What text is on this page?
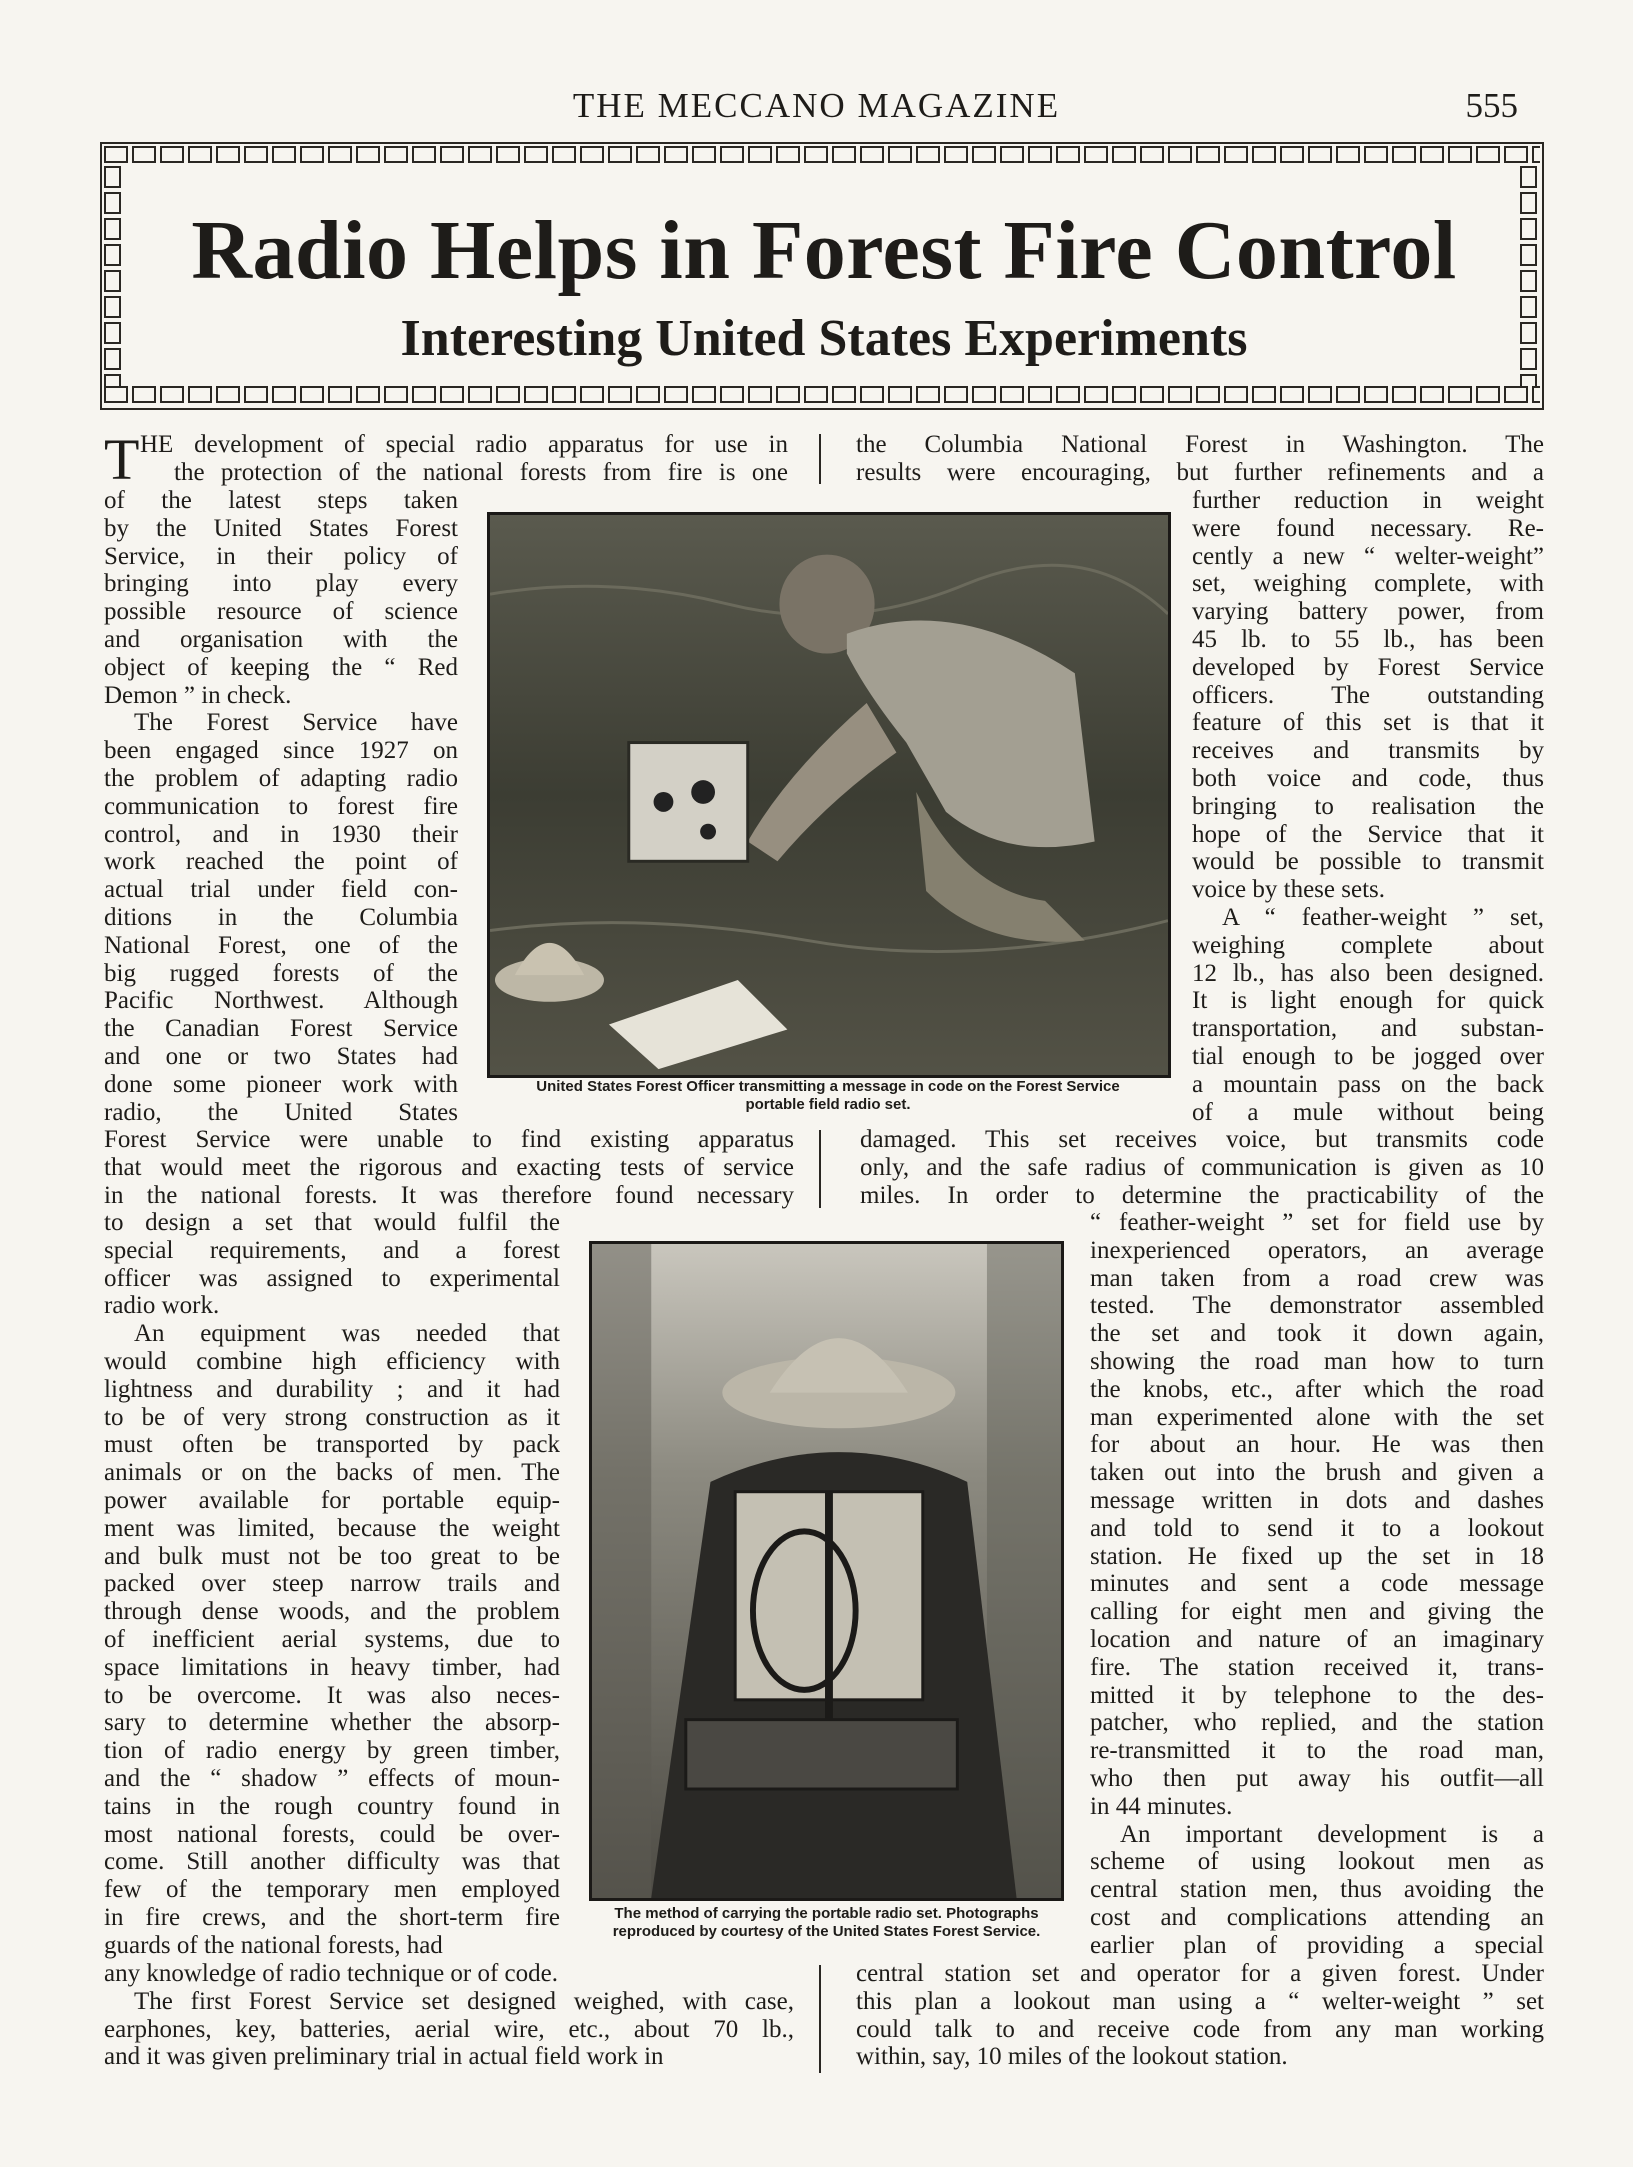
THE MECCANO MAGAZINE	555
Radio Helps in Forest Fire Control
Interesting United States Experiments
T HE development of special radio apparatus for use in

the protection of the national forests from fire is one

of the latest steps taken

by the United States Forest

Service, in their policy of

bringing into play every

possible resource of science

and organisation with the

object of keeping the “ Red

Demon ” in check.

The Forest Service have

been engaged since 1927 on

the problem of adapting radio

communication to forest fire

control, and in 1930 their

work reached the point of

actual trial under field con-

ditions in the Columbia

National Forest, one of the

big rugged forests of the

Pacific Northwest. Although

the Canadian Forest Service

and one or two States had

done some pioneer work with

radio, the United States

Forest Service were unable to find existing apparatus

that would meet the rigorous and exacting tests of service

in the national forests. It was therefore found necessary

to design a set that would fulfil the

special requirements, and a forest

officer was assigned to experimental

radio work.

An equipment was needed that

would combine high efficiency with

lightness and durability ; and it had

to be of very strong construction as it

must often be transported by pack

animals or on the backs of men. The

power available for portable equip-

ment was limited, because the weight

and bulk must not be too great to be

packed over steep narrow trails and

through dense woods, and the problem

of inefficient aerial systems, due to

space limitations in heavy timber, had

to be overcome. It was also neces-

sary to determine whether the absorp-

tion of radio energy by green timber,

and the “ shadow ” effects of moun-

tains in the rough country found in

most national forests, could be over-

come. Still another difficulty was that

few of the temporary men employed

in fire crews, and the short-term fire

guards of the national forests, had

any knowledge of radio technique or of code.

The first Forest Service set designed weighed, with case,

earphones, key, batteries, aerial wire, etc., about 70 lb.,

and it was given preliminary trial in actual field work in

the Columbia National Forest in Washington. The

results were encouraging, but further refinements and a

further reduction in weight

were found necessary. Re-

cently a new “ welter-weight”

set, weighing complete, with

varying battery power, from

45 lb. to 55 lb., has been

developed by Forest Service

officers. The outstanding

feature of this set is that it

receives and transmits by

both voice and code, thus

bringing to realisation the

hope of the Service that it

would be possible to transmit

voice by these sets.

A “ feather-weight ” set,

weighing complete about

12 lb., has also been designed.

It is light enough for quick

transportation, and substan-

tial enough to be jogged over

a mountain pass on the back

of a mule without being

damaged. This set receives voice, but transmits code

only, and the safe radius of communication is given as 10

miles. In order to determine the practicability of the

“ feather-weight ” set for field use by

inexperienced operators, an average

man taken from a road crew was

tested. The demonstrator assembled

the set and took it down again,

showing the road man how to turn

the knobs, etc., after which the road

man experimented alone with the set

for about an hour. He was then

taken out into the brush and given a

message written in dots and dashes

and told to send it to a lookout

station. He fixed up the set in 18

minutes and sent a code message

calling for eight men and giving the

location and nature of an imaginary

fire. The station received it, trans-

mitted it by telephone to the des-

patcher, who replied, and the station

re-transmitted it to the road man,

who then put away his outfit—all

in 44 minutes.

An important development is a

scheme of using lookout men as

central station men, thus avoiding the

cost and complications attending an

earlier plan of providing a special

central station set and operator for a given forest. Under

this plan a lookout man using a “ welter-weight ” set

could talk to and receive code from any man working

within, say, 10 miles of the lookout station.

United States Forest Officer transmitting a message in code on the Forest Service
portable field radio set.
The method of carrying the portable radio set. Photographs
reproduced by courtesy of the United States Forest Service.
